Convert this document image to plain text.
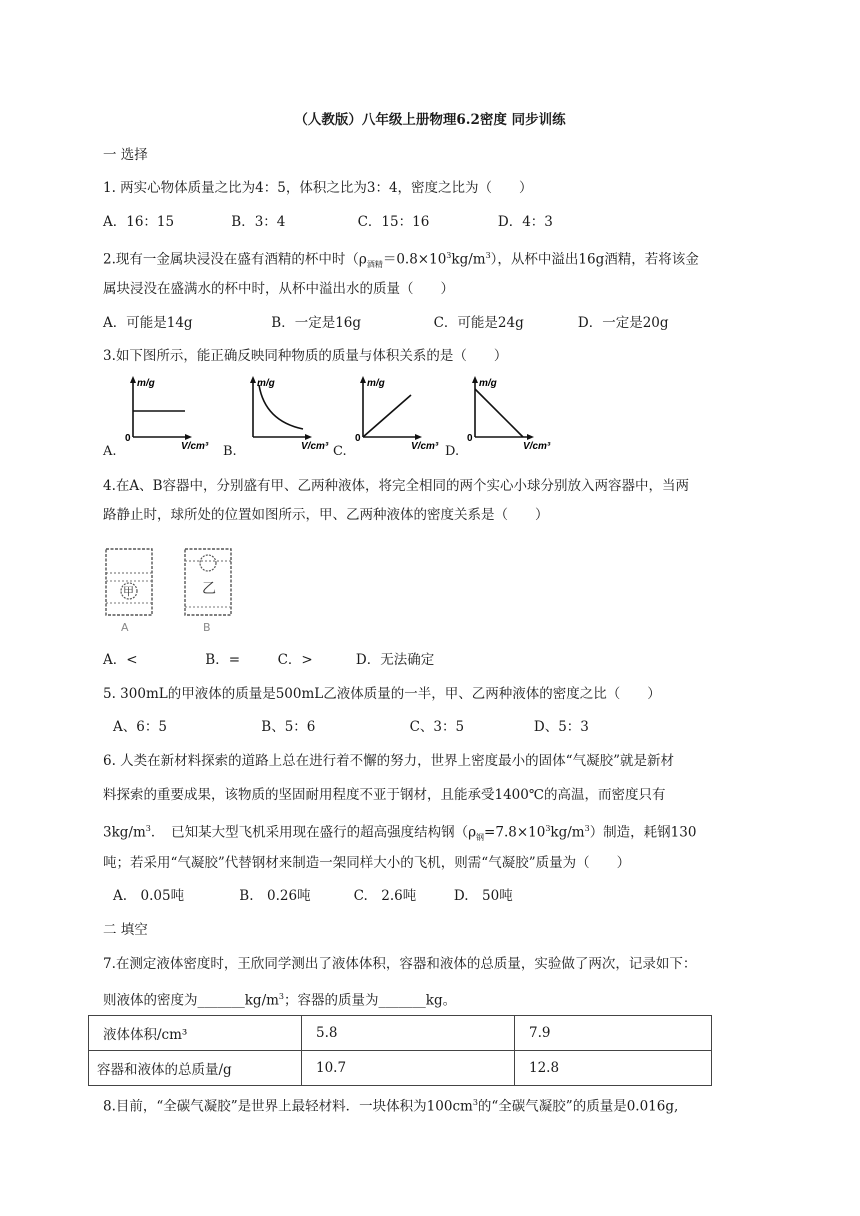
（人教版）八年级上册物理6.2密度 同步训练
一 选择
1. 两实心物体质量之比为4：5，体积之比为3：4，密度之比为（　　）
A．16：15	B．3：4	C．15：16	D．4：3
2.现有一金属块浸没在盛有酒精的杯中时$(\rho_{酒精}=0.8\times 10^3kg/m^3)$，从杯中溢出16g酒精，若将该金
属块浸没在盛满水的杯中时，从杯中溢出水的质量（　　）
A．可能是14g	B．一定是16g	C．可能是24g	D．一定是20g
3.如下图所示，能正确反映同种物质的质量与体积关系的是（　　）
A.
m/g
V/cm³
0
B.
m/g
V/cm³ C.
m/g
V/cm³
0
D.
m/g
V/cm³
0
4.在A、B容器中，分别盛有甲、乙两种液体，将完全相同的两个实心小球分别放入两容器中，当两
路静止时，球所处的位置如图所示，甲、乙两种液体的密度关系是（　　）
甲
A
乙
B
A．<	B．=	C．>	D．无法确定
5. 300mL的甲液体的质量是500mL乙液体质量的一半，甲、乙两种液体的密度之比（　　）
A、6：5	B、5：6	C、3：5	D、5：3
6. 人类在新材料探索的道路上总在进行着不懈的努力，世界上密度最小的固体“气凝胶”就是新材
料探索的重要成果，该物质的坚固耐用程度不亚于钢材，且能承受1400℃的高温，而密度只有
$3kg/m^3$．　已知某大型飞机采用现在盛行的超高强度结构钢$(\rho_钢=7.8\times 10^3kg/m^3)$制造，耗钢130
吨；若采用“气凝胶”代替钢材来制造一架同样大小的飞机，则需“气凝胶”质量为（　　）
A.　0.05吨	B.　0.26吨	C.　2.6吨	D.　50吨
二 填空
7.在测定液体密度时，王欣同学测出了液体体积，容器和液体的总质量，实验做了两次，记录如下：
则液体的密度为$\_\_\_\_\_\_\_kg/m^3$；容器的质量为_______kg。
液体体积/cm³	5.8	7.9
容器和液体的总质量/g	10.7	12.8
8.目前，“全碳气凝胶”是世界上最轻材料．一块体积为$100cm^3$的“全碳气凝胶”的质量是0.016g,
